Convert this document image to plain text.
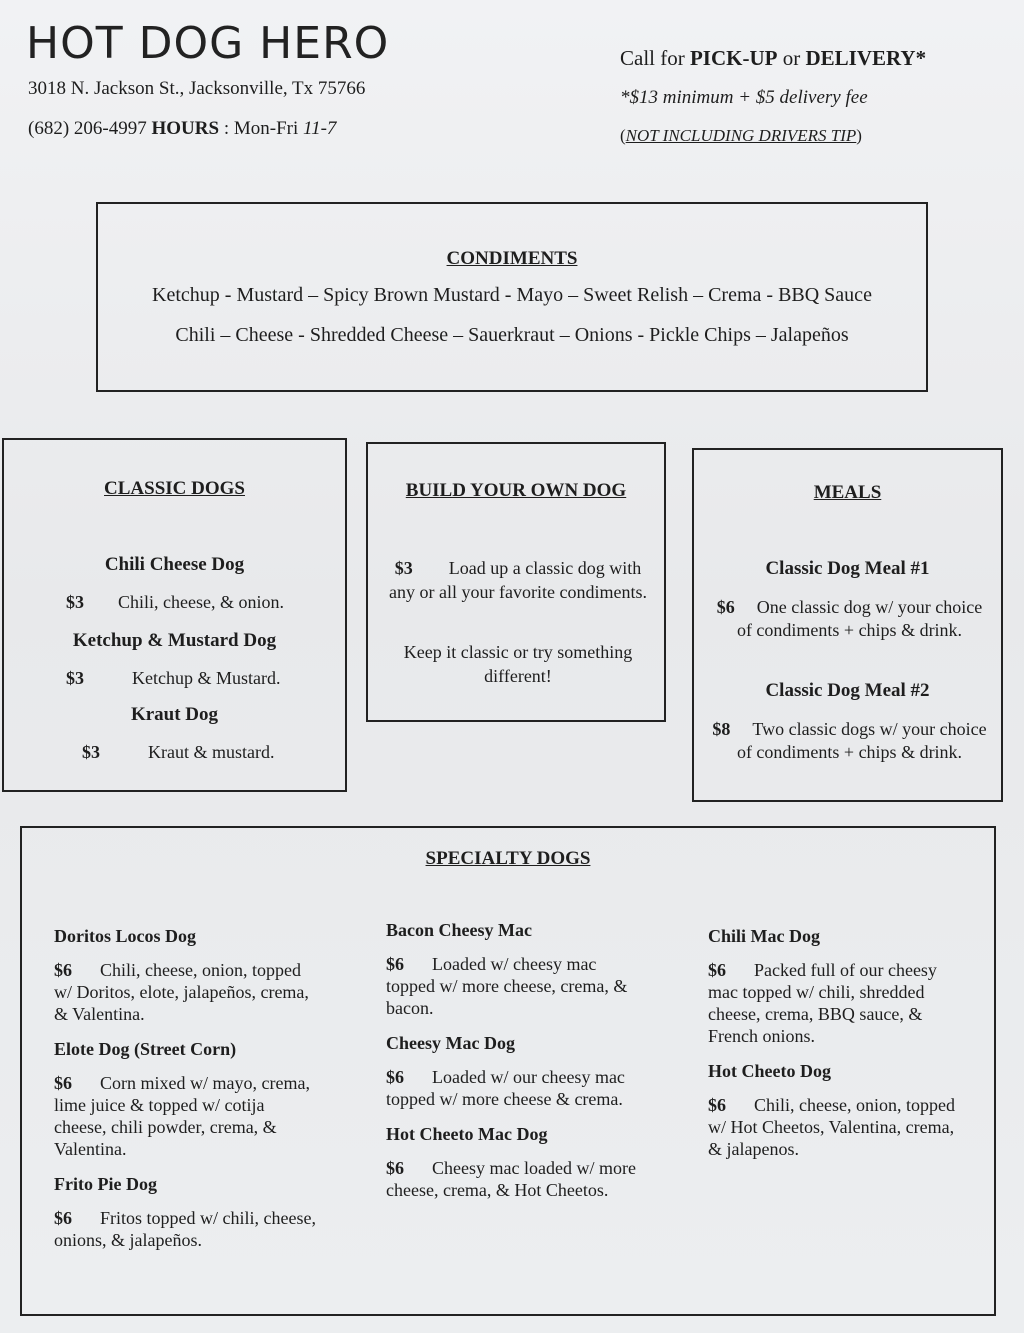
HOT DOG HERO
3018 N. Jackson St., Jacksonville, Tx 75766
(682) 206-4997 HOURS : Mon-Fri 11-7
Call for PICK-UP or DELIVERY*
*$13 minimum + $5 delivery fee
(NOT INCLUDING DRIVERS TIP)
CONDIMENTS
Ketchup - Mustard – Spicy Brown Mustard - Mayo – Sweet Relish – Crema - BBQ Sauce
Chili – Cheese - Shredded Cheese – Sauerkraut – Onions - Pickle Chips – Jalapeños
CLASSIC DOGS
Chili Cheese Dog
$3 Chili, cheese, & onion.
Ketchup & Mustard Dog
$3	Ketchup & Mustard.
Kraut Dog
$3	Kraut & mustard.
BUILD YOUR OWN DOG
$3 Load up a classic dog with any or all your favorite condiments.
Keep it classic or try something different!
MEALS
Classic Dog Meal #1
$6 One classic dog w/ your choice of condiments + chips & drink.
Classic Dog Meal #2
$8 Two classic dogs w/ your choice of condiments + chips & drink.
SPECIALTY DOGS
Doritos Locos Dog
$6 Chili, cheese, onion, topped w/ Doritos, elote, jalapeños, crema, & Valentina.
Elote Dog (Street Corn)
$6 Corn mixed w/ mayo, crema, lime juice & topped w/ cotija cheese, chili powder, crema, & Valentina.
Frito Pie Dog
$6 Fritos topped w/ chili, cheese, onions, & jalapeños.
Bacon Cheesy Mac
$6 Loaded w/ cheesy mac topped w/ more cheese, crema, & bacon.
Cheesy Mac Dog
$6 Loaded w/ our cheesy mac topped w/ more cheese & crema.
Hot Cheeto Mac Dog
$6 Cheesy mac loaded w/ more cheese, crema, & Hot Cheetos.
Chili Mac Dog
$6 Packed full of our cheesy mac topped w/ chili, shredded cheese, crema, BBQ sauce, & French onions.
Hot Cheeto Dog
$6 Chili, cheese, onion, topped w/ Hot Cheetos, Valentina, crema, & jalapenos.
